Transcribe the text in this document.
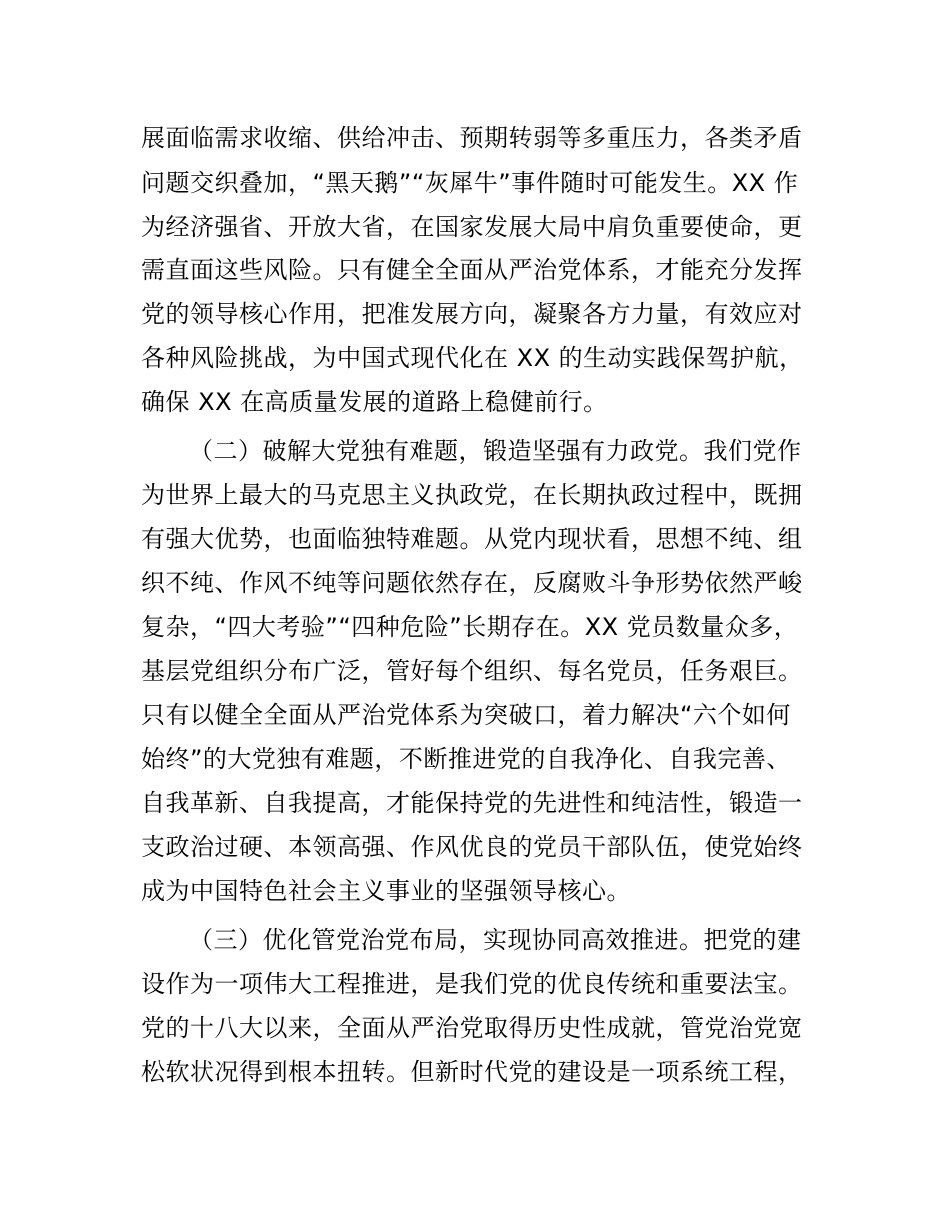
展面临需求收缩、供给冲击、预期转弱等多重压力，各类矛盾
问题交织叠加，“黑天鹅”“灰犀牛”事件随时可能发生。XX 作
为经济强省、开放大省，在国家发展大局中肩负重要使命，更
需直面这些风险。只有健全全面从严治党体系，才能充分发挥
党的领导核心作用，把准发展方向，凝聚各方力量，有效应对
各种风险挑战，为中国式现代化在 XX 的生动实践保驾护航，
确保 XX 在高质量发展的道路上稳健前行。
（二）破解大党独有难题，锻造坚强有力政党。我们党作
为世界上最大的马克思主义执政党，在长期执政过程中，既拥
有强大优势，也面临独特难题。从党内现状看，思想不纯、组
织不纯、作风不纯等问题依然存在，反腐败斗争形势依然严峻
复杂，“四大考验”“四种危险”长期存在。XX 党员数量众多，
基层党组织分布广泛，管好每个组织、每名党员，任务艰巨。
只有以健全全面从严治党体系为突破口，着力解决“六个如何
始终”的大党独有难题，不断推进党的自我净化、自我完善、
自我革新、自我提高，才能保持党的先进性和纯洁性，锻造一
支政治过硬、本领高强、作风优良的党员干部队伍，使党始终
成为中国特色社会主义事业的坚强领导核心。
（三）优化管党治党布局，实现协同高效推进。把党的建
设作为一项伟大工程推进，是我们党的优良传统和重要法宝。
党的十八大以来，全面从严治党取得历史性成就，管党治党宽
松软状况得到根本扭转。但新时代党的建设是一项系统工程，
